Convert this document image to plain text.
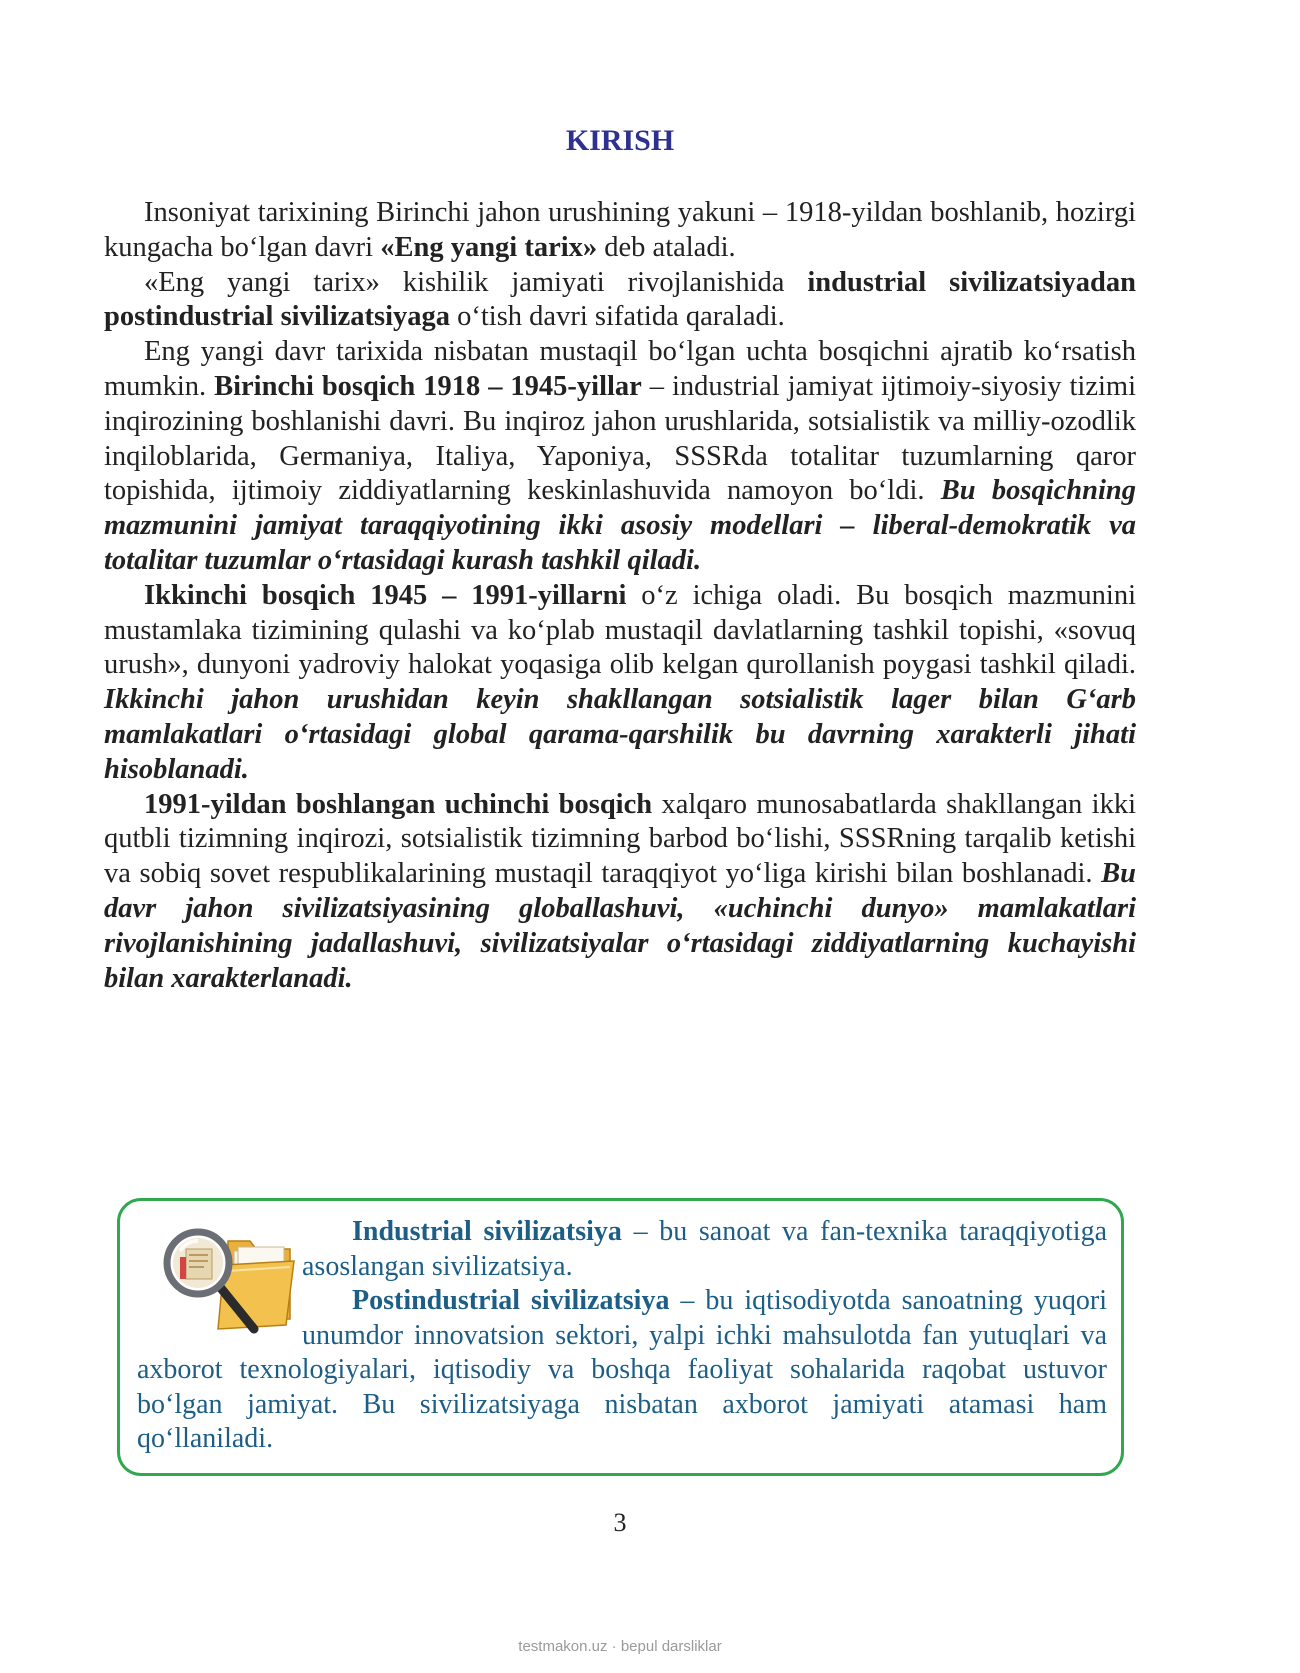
KIRISH

Insoniyat tarixining Birinchi jahon urushining yakuni – 1918-yildan boshlanib, hozirgi kungacha bo‘lgan davri «Eng yangi tarix» deb ataladi.

«Eng yangi tarix» kishilik jamiyati rivojlanishida industrial sivilizatsiyadan postindustrial sivilizatsiyaga o‘tish davri sifatida qaraladi.

Eng yangi davr tarixida nisbatan mustaqil bo‘lgan uchta bosqichni ajratib ko‘rsatish mumkin. Birinchi bosqich 1918 – 1945-yillar – industrial jamiyat ijtimoiy-siyosiy tizimi inqirozining boshlanishi davri. Bu inqiroz jahon urushlarida, sotsialistik va milliy-ozodlik inqiloblarida, Germaniya, Italiya, Yaponiya, SSSRda totalitar tuzumlarning qaror topishida, ijtimoiy ziddiyatlarning keskinlashuvida namoyon bo‘ldi. Bu bosqichning mazmunini jamiyat taraqqiyotining ikki asosiy modellari – liberal-demokratik va totalitar tuzumlar o‘rtasidagi kurash tashkil qiladi.

Ikkinchi bosqich 1945 – 1991-yillarni o‘z ichiga oladi. Bu bosqich mazmunini mustamlaka tizimining qulashi va ko‘plab mustaqil davlatlarning tashkil topishi, «sovuq urush», dunyoni yadroviy halokat yoqasiga olib kelgan qurollanish poygasi tashkil qiladi. Ikkinchi jahon urushidan keyin shakllangan sotsialistik lager bilan G‘arb mamlakatlari o‘rtasidagi global qarama-qarshilik bu davrning xarakterli jihati hisoblanadi.

1991-yildan boshlangan uchinchi bosqich xalqaro munosabatlarda shakllangan ikki qutbli tizimning inqirozi, sotsialistik tizimning barbod bo‘lishi, SSSRning tarqalib ketishi va sobiq sovet respublikalarining mustaqil taraqqiyot yo‘liga kirishi bilan boshlanadi. Bu davr jahon sivilizatsiyasining globallashuvi, «uchinchi dunyo» mamlakatlari rivojlanishining jadallashuvi, sivilizatsiyalar o‘rtasidagi ziddiyatlarning kuchayishi bilan xarakterlanadi.

Industrial sivilizatsiya – bu sanoat va fan-texnika taraqqiyotiga asoslangan sivilizatsiya.

Postindustrial sivilizatsiya – bu iqtisodiyotda sanoatning yuqori unumdor innovatsion sektori, yalpi ichki mahsulotda fan yutuqlari va axborot texnologiyalari, iqtisodiy va boshqa faoliyat sohalarida raqobat ustuvor bo‘lgan jamiyat. Bu sivilizatsiyaga nisbatan axborot jamiyati atamasi ham qo‘llaniladi.

3
testmakon.uz · bepul darsliklar
